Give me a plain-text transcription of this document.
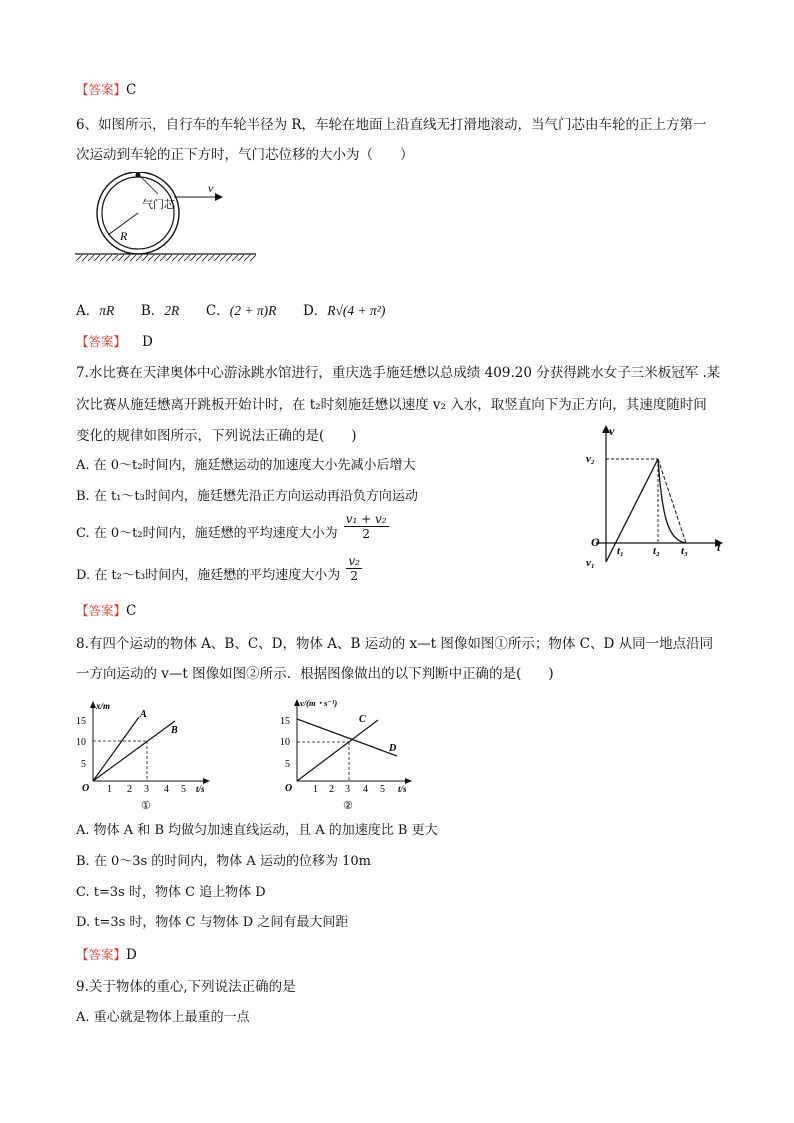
【答案】C
6、如图所示，自行车的车轮半径为 R，车轮在地面上沿直线无打滑地滚动，当气门芯由车轮的正上方第一
次运动到车轮的正下方时，气门芯位移的大小为（　　）
气门芯
v
R
A．πR B．2R C．(2 + π)R D．R√(4 + π²)
【答案】 D
7.水比赛在天津奥体中心游泳跳水馆进行，重庆选手施廷懋以总成绩 409.20 分获得跳水女子三米板冠军 .某
次比赛从施廷懋离开跳板开始计时，在 t₂时刻施廷懋以速度 v₂ 入水，取竖直向下为正方向，其速度随时间
变化的规律如图所示，下列说法正确的是(　　)
A. 在 0～t₂时间内，施廷懋运动的加速度大小先减小后增大
B. 在 t₁～t₃时间内，施廷懋先沿正方向运动再沿负方向运动
C. 在 0～t₂时间内，施廷懋的平均速度大小为 $\frac{\text{v₁ + v₂}}{2}$
D. 在 t₂～t₃时间内，施廷懋的平均速度大小为 $\frac{\text{v₂}}{2}$
v
t
O
v₂
v₁
t₁	t₂ t₃
【答案】C
8.有四个运动的物体 A、B、C、D，物体 A、B 运动的 x—t 图像如图①所示；物体 C、D 从同一地点沿同
一方向运动的 v—t 图像如图②所示．根据图像做出的以下判断中正确的是(　　)
x/m
t/s
O
15
10
5
1 2 3 4 5
A
B
①
v/(m・s⁻¹)
t/s
O
15
10
5
1 2 3 4 5
C
D
②
A. 物体 A 和 B 均做匀加速直线运动，且 A 的加速度比 B 更大
B. 在 0～3s 的时间内，物体 A 运动的位移为 10m
C. t=3s 时，物体 C 追上物体 D
D. t=3s 时，物体 C 与物体 D 之间有最大间距
【答案】D
9.关于物体的重心,下列说法正确的是
A. 重心就是物体上最重的一点
